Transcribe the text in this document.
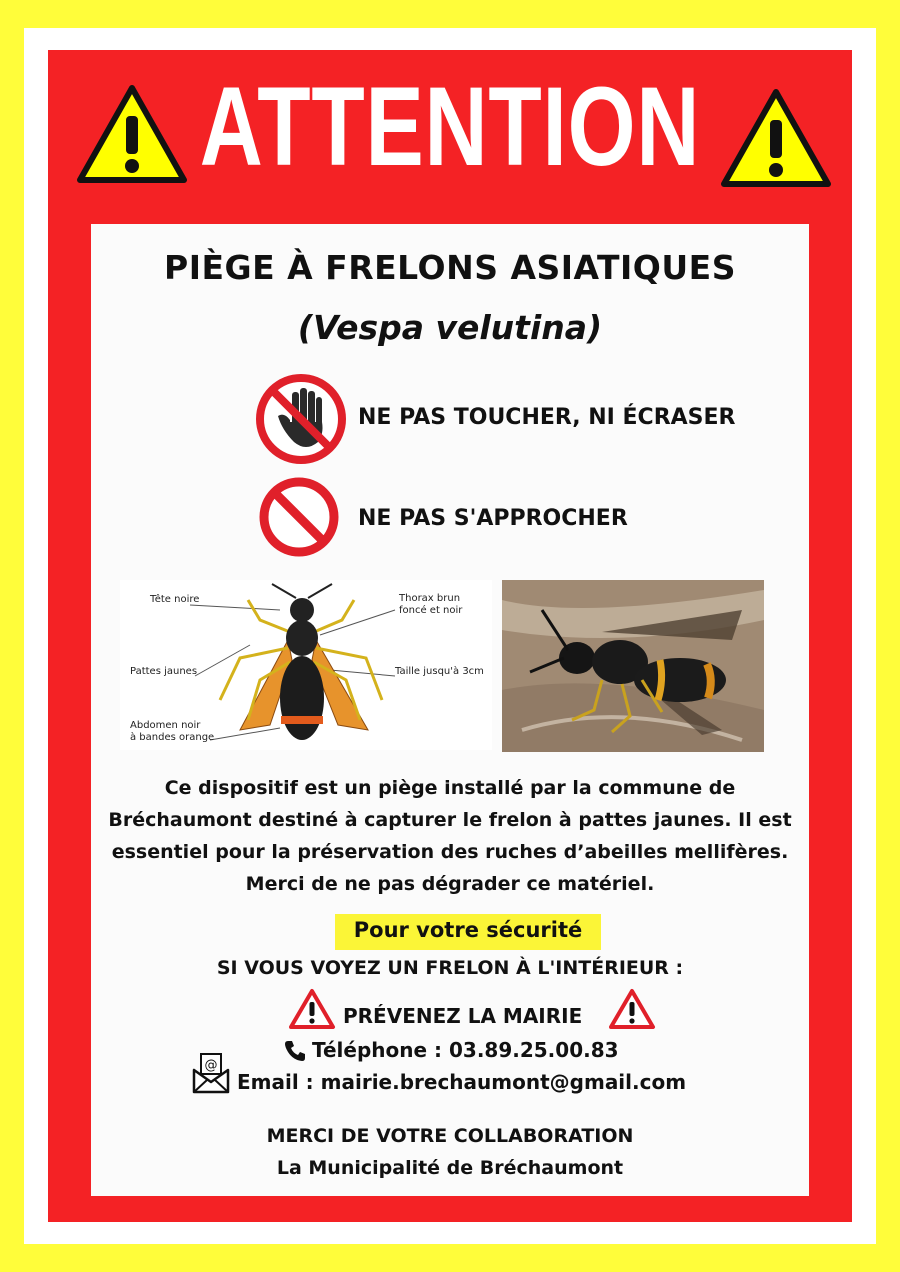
ATTENTION
PIÈGE À FRELONS ASIATIQUES
(Vespa velutina)
NE PAS TOUCHER, NI ÉCRASER
NE PAS S'APPROCHER
Tête noire	Thorax brun
foncé et noir
Pattes jaunes	Taille jusqu'à 3cm
Abdomen noir
à bandes orange
Ce dispositif est un piège installé par la commune de Bréchaumont destiné à capturer le frelon à pattes jaunes. Il est essentiel pour la préservation des ruches d’abeilles mellifères. Merci de ne pas dégrader ce matériel.
Pour votre sécurité
SI VOUS VOYEZ UN FRELON À L'INTÉRIEUR :
PRÉVENEZ LA MAIRIE
Téléphone : 03.89.25.00.83
@
Email : mairie.brechaumont@gmail.com
MERCI DE VOTRE COLLABORATION
La Municipalité de Bréchaumont
